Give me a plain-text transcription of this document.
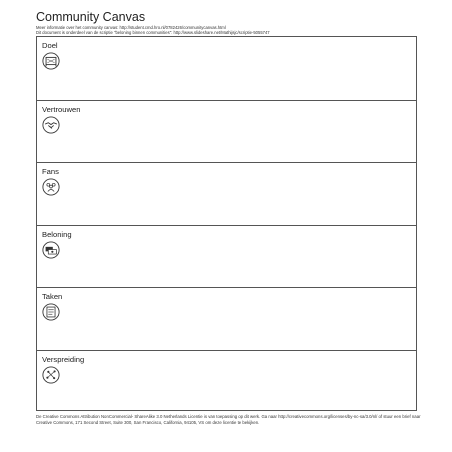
Community Canvas
Meer informatie over het community canvas: http://student.cmd.hro.nl/0782426/communitycanvas.html
Dit document is onderdeel van de scriptie "beloning binnen communities": http://www.slideshare.net/Mathijsjc/scriptie-5055747
Doel
Vertrouwen
Fans
Beloning
Taken
Verspreiding
De Creative Commons Attribution NonCommercial- ShareAlike 3.0 Netherlands Licentie is van toepassing op dit werk. Ga naar http://creativecommons.org/licenses/by-nc-sa/3.0/nl/ of stuur een brief naar Creative Commons, 171 Second Street, Suite 300, San Francisco, California, 94105, VS om deze licentie te bekijken.
